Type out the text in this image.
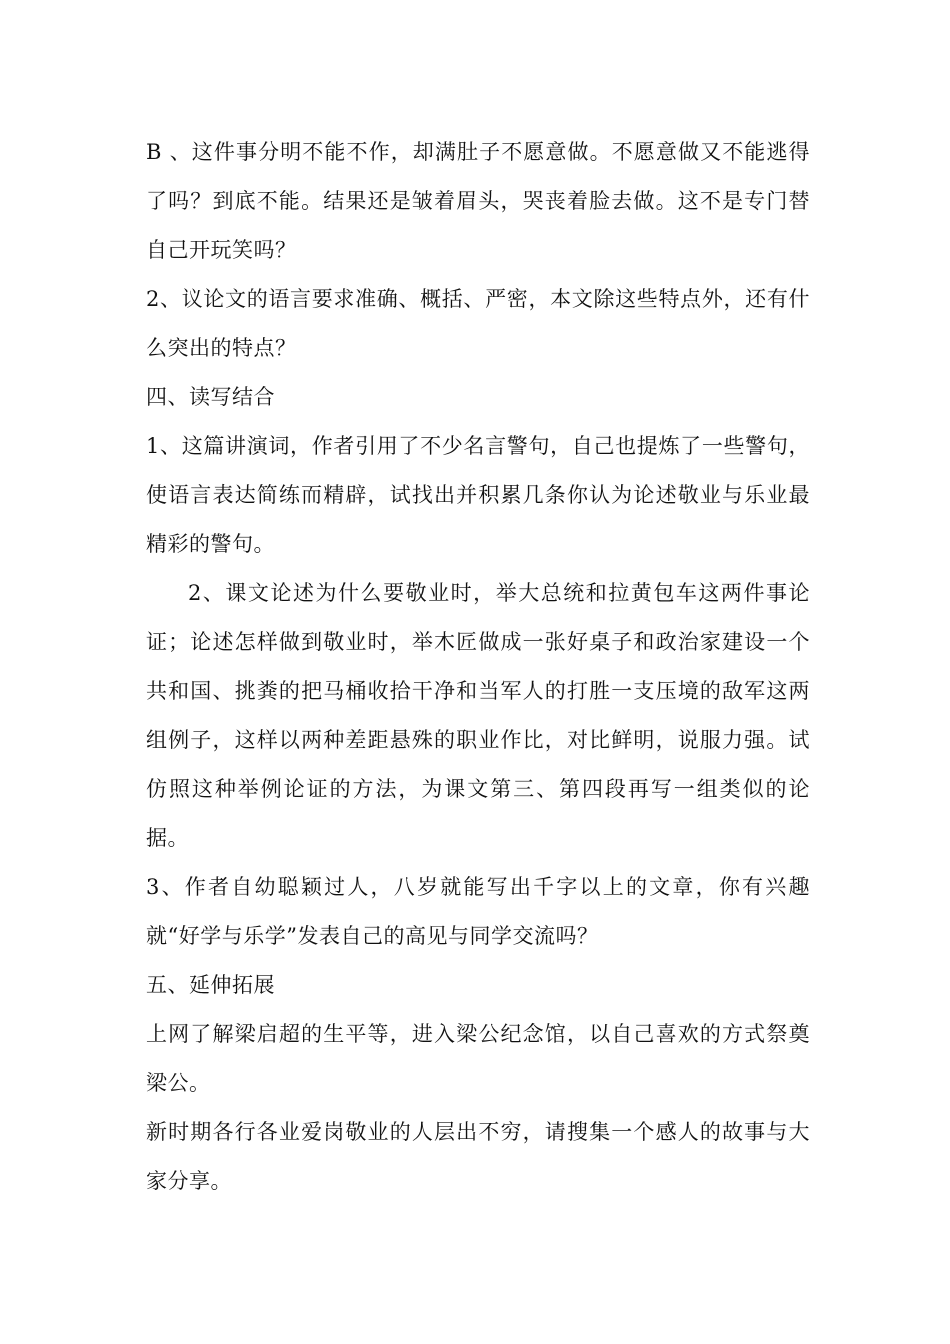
B 、这件事分明不能不作，却满肚子不愿意做。不愿意做又不能逃得了吗？到底不能。结果还是皱着眉头，哭丧着脸去做。这不是专门替自己开玩笑吗？

2、议论文的语言要求准确、概括、严密，本文除这些特点外，还有什么突出的特点？

四、读写结合

1、这篇讲演词，作者引用了不少名言警句，自己也提炼了一些警句，使语言表达简练而精辟，试找出并积累几条你认为论述敬业与乐业最精彩的警句。

2、课文论述为什么要敬业时，举大总统和拉黄包车这两件事论证；论述怎样做到敬业时，举木匠做成一张好桌子和政治家建设一个共和国、挑粪的把马桶收拾干净和当军人的打胜一支压境的敌军这两组例子，这样以两种差距悬殊的职业作比，对比鲜明，说服力强。试仿照这种举例论证的方法，为课文第三、第四段再写一组类似的论据。

3、作者自幼聪颖过人，八岁就能写出千字以上的文章，你有兴趣就“好学与乐学”发表自己的高见与同学交流吗？

五、延伸拓展

上网了解梁启超的生平等，进入梁公纪念馆，以自己喜欢的方式祭奠梁公。

新时期各行各业爱岗敬业的人层出不穷，请搜集一个感人的故事与大家分享。
